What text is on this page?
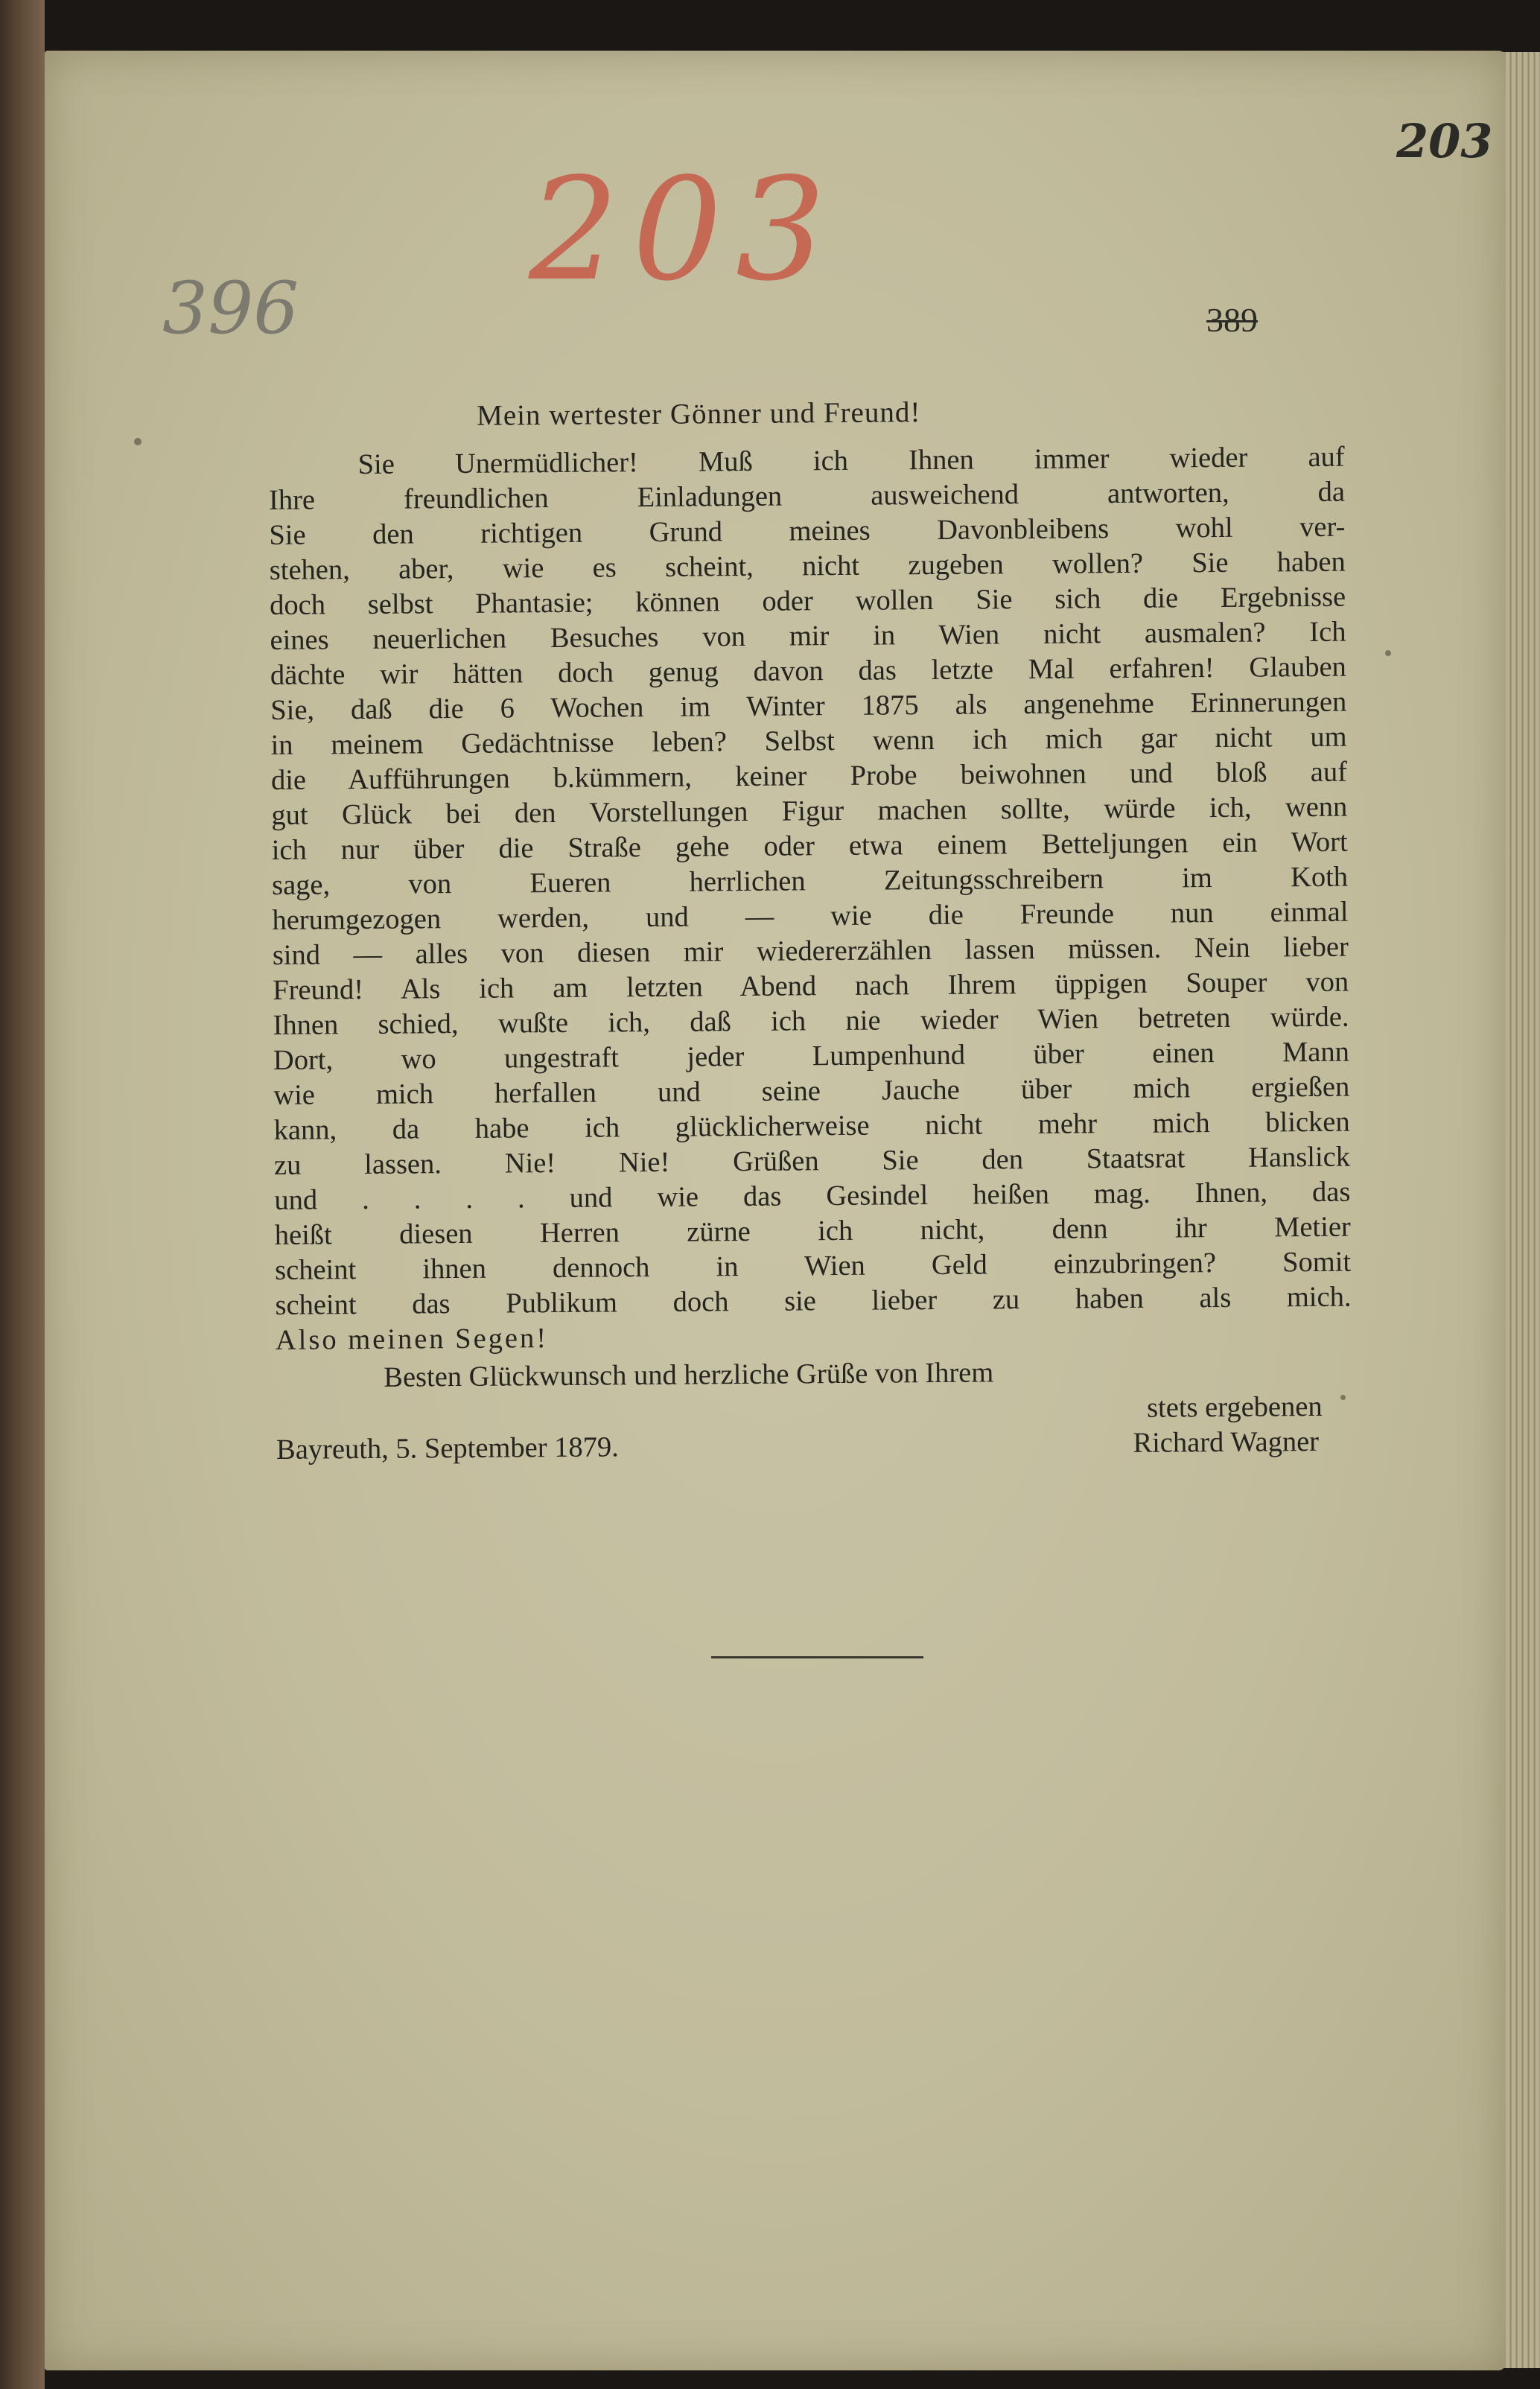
203

203

396	389

Mein wertester Gönner und Freund!

Sie Unermüdlicher! Muß ich Ihnen immer wieder auf
Ihre freundlichen Einladungen ausweichend antworten, da
Sie den richtigen Grund meines Davonbleibens wohl ver-
stehen, aber, wie es scheint, nicht zugeben wollen? Sie haben
doch selbst Phantasie; können oder wollen Sie sich die Ergebnisse
eines neuerlichen Besuches von mir in Wien nicht ausmalen? Ich
dächte wir hätten doch genug davon das letzte Mal erfahren! Glauben
Sie, daß die 6 Wochen im Winter 1875 als angenehme Erinnerungen
in meinem Gedächtnisse leben? Selbst wenn ich mich gar nicht um
die Aufführungen b.kümmern, keiner Probe beiwohnen und bloß auf
gut Glück bei den Vorstellungen Figur machen sollte, würde ich, wenn
ich nur über die Straße gehe oder etwa einem Betteljungen ein Wort
sage, von Eueren herrlichen Zeitungsschreibern im Koth
herumgezogen werden, und — wie die Freunde nun einmal
sind — alles von diesen mir wiedererzählen lassen müssen. Nein lieber
Freund! Als ich am letzten Abend nach Ihrem üppigen Souper von
Ihnen schied, wußte ich, daß ich nie wieder Wien betreten würde.
Dort, wo ungestraft jeder Lumpenhund über einen Mann
wie mich herfallen und seine Jauche über mich ergießen
kann, da habe ich glücklicherweise nicht mehr mich blicken
zu lassen. Nie! Nie! Grüßen Sie den Staatsrat Hanslick
und . . . . und wie das Gesindel heißen mag. Ihnen, das
heißt diesen Herren zürne ich nicht, denn ihr Metier
scheint ihnen dennoch in Wien Geld einzubringen? Somit
scheint das Publikum doch sie lieber zu haben als mich.
Also meinen Segen!

Besten Glückwunsch und herzliche Grüße von Ihrem

stets ergebenen

Richard Wagner

Bayreuth, 5. September 1879.
